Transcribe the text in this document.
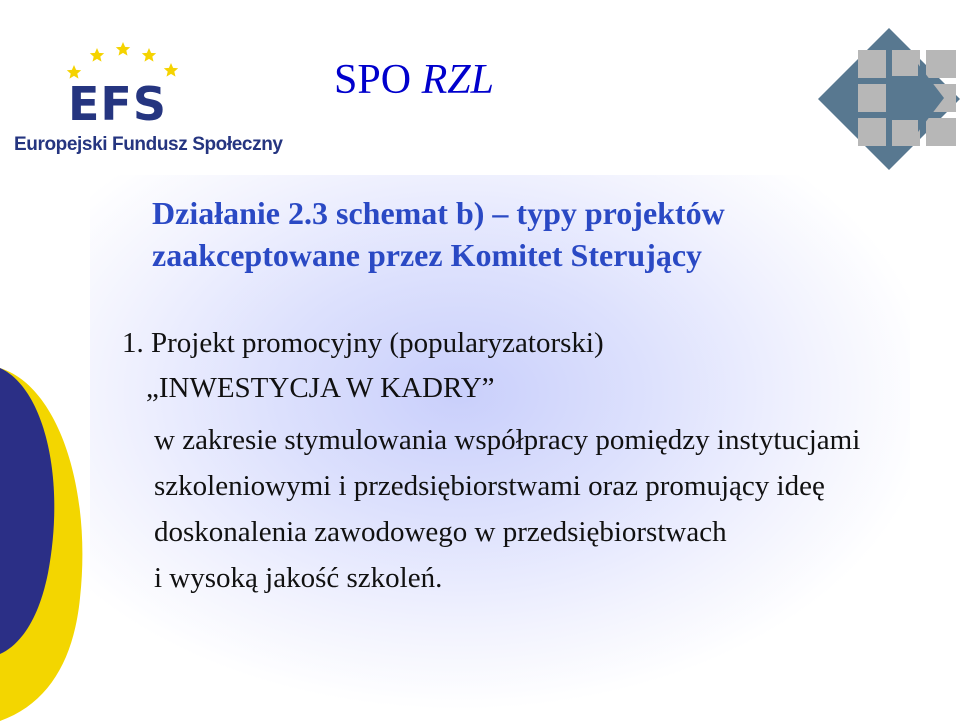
EFS
Europejski Fundusz Społeczny
SPO RZL
Działanie 2.3 schemat b) – typy projektów
zaakceptowane przez Komitet Sterujący
1. Projekt promocyjny (popularyzatorski)
„INWESTYCJA W KADRY”
w zakresie stymulowania współpracy pomiędzy instytucjami
szkoleniowymi i przedsiębiorstwami oraz promujący ideę
doskonalenia zawodowego w przedsiębiorstwach
i wysoką jakość szkoleń.
